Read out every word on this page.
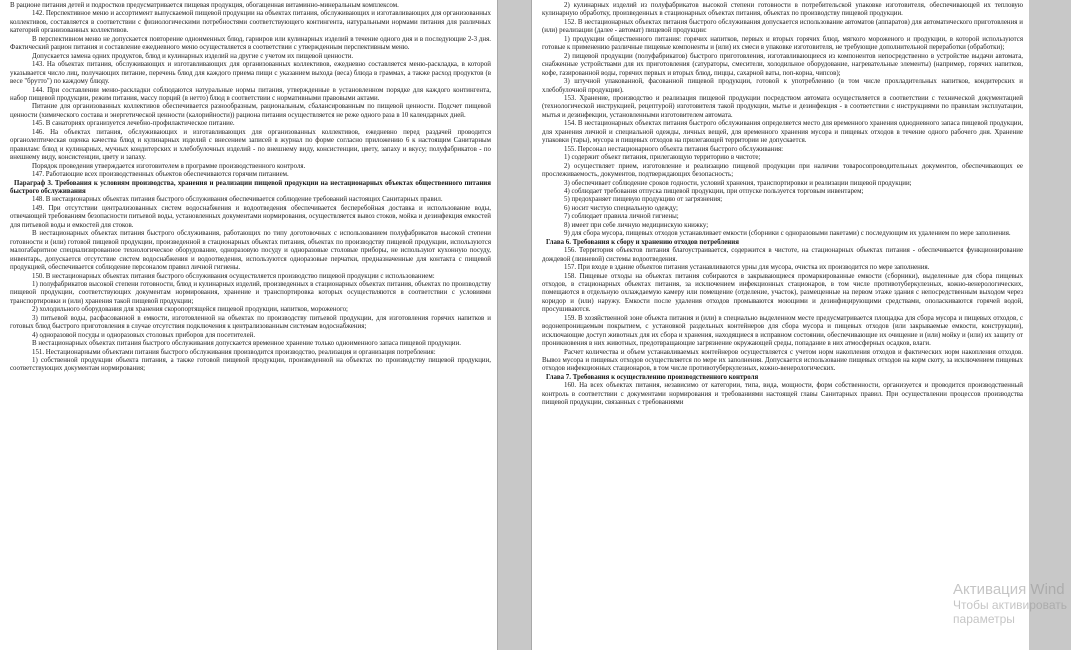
В рационе питания детей и подростков предусматривается пищевая продукция, обогащенная витаминно-минеральным комплексом.

142. Перспективное меню и ассортимент выпускаемой пищевой продукции на объектах питания, обслуживающих и изготавливающих для организованных коллективов, составляется в соответствии с физиологическими потребностями соответствующего контингента, натуральными нормами питания для различных категорий организованных коллективов.

В перспективном меню не допускается повторение одноименных блюд, гарниров или кулинарных изделий в течение одного дня и в последующие 2-3 дня. Фактический рацион питания и составление ежедневного меню осуществляется в соответствии с утвержденным перспективным меню.

Допускается замена одних продуктов, блюд и кулинарных изделий на другие с учетом их пищевой ценности.

143. На объектах питания, обслуживающих и изготавливающих для организованных коллективов, ежедневно составляется меню-раскладка, в которой указывается число лиц, получающих питание, перечень блюд для каждого приема пищи с указанием выхода (веса) блюда в граммах, а также расход продуктов (в весе "брутто") по каждому блюду.

144. При составлении меню-раскладки соблюдаются натуральные нормы питания, утвержденные в установленном порядке для каждого контингента, набор пищевой продукции, режим питания, массу порций (в нетто) блюд в соответствии с нормативными правовыми актами.

Питание для организованных коллективов обеспечивается разнообразным, рациональным, сбалансированным по пищевой ценности. Подсчет пищевой ценности (химического состава и энергетической ценности (калорийности)) рациона питания осуществляется не реже одного раза в 10 календарных дней.

145. В санаториях организуется лечебно-профилактическое питание.

146. На объектах питания, обслуживающих и изготавливающих для организованных коллективов, ежедневно перед раздачей проводится органолептическая оценка качества блюд и кулинарных изделий с внесением записей в журнал по форме согласно приложению 6 к настоящим Санитарным правилам: блюд и кулинарных, мучных кондитерских и хлебобулочных изделий - по внешнему виду, консистенции, цвету, запаху и вкусу; полуфабрикатов - по внешнему виду, консистенции, цвету и запаху.

Порядок проведения утверждается изготовителем в программе производственного контроля.

147. Работающие всех производственных объектов обеспечиваются горячим питанием.

Параграф 3. Требования к условиям производства, хранения и реализации пищевой продукции на нестационарных объектах общественного питания быстрого обслуживания

148. В нестационарных объектах питания быстрого обслуживания обеспечивается соблюдение требований настоящих Санитарных правил.

149. При отсутствии централизованных систем водоснабжения и водоотведения обеспечивается бесперебойная доставка и использование воды, отвечающей требованиям безопасности питьевой воды, установленных документами нормирования, осуществляется вывоз стоков, мойка и дезинфекция емкостей для питьевой воды и емкостей для стоков.

В нестационарных объектах питания быстрого обслуживания, работающих по типу доготовочных с использованием полуфабрикатов высокой степени готовности и (или) готовой пищевой продукции, произведенной в стационарных объектах питания, объектах по производству пищевой продукции, используются малогабаритное специализированное технологическое оборудование, одноразовую посуду и одноразовые столовые приборы, не используют кухонную посуду, инвентарь, допускается отсутствие систем водоснабжения и водоотведения, используются одноразовые перчатки, предназначенные для контакта с пищевой продукцией, обеспечивается соблюдение персоналом правил личной гигиены.

150. В нестационарных объектах питания быстрого обслуживания осуществляется производство пищевой продукции с использованием:

1) полуфабрикатов высокой степени готовности, блюд и кулинарных изделий, произведенных в стационарных объектах питания, объектах по производству пищевой продукции, соответствующих документам нормирования, хранение и транспортировка которых осуществляются в соответствии с условиями транспортировки и (или) хранения такой пищевой продукции;

2) холодильного оборудования для хранения скоропортящейся пищевой продукции, напитков, мороженого;

3) питьевой воды, расфасованной в емкости, изготовленной на объектах по производству питьевой продукции, для изготовления горячих напитков и готовых блюд быстрого приготовления в случае отсутствия подключения к централизованным системам водоснабжения;

4) одноразовой посуды и одноразовых столовых приборов для посетителей.

В нестационарных объектах питания быстрого обслуживания допускается временное хранение только одноименного запаса пищевой продукции.

151. Нестационарными объектами питания быстрого обслуживания производится производство, реализация и организация потребления:

1) собственной продукции объекта питания, а также готовой пищевой продукции, произведенной на объектах по производству пищевой продукции, соответствующих документам нормирования;

2) кулинарных изделий из полуфабрикатов высокой степени готовности в потребительской упаковке изготовителя, обеспечивающей их тепловую кулинарную обработку, произведенных в стационарных объектах питания, объектах по производству пищевой продукции.

152. В нестационарных объектах питания быстрого обслуживания допускается использование автоматов (аппаратов) для автоматического приготовления и (или) реализации (далее - автомат) пищевой продукции:

1) продукции общественного питания: горячих напитков, первых и вторых горячих блюд, мягкого мороженого и продукции, в которой используются готовые к применению различные пищевые компоненты и (или) их смеси в упаковке изготовителя, не требующие дополнительной переработки (обработки);

2) пищевой продукции (полуфабрикатов) быстрого приготовления, изготавливающиеся из компонентов непосредственно в устройстве выдачи автомата, снабженные устройствами для их приготовления (сатураторы, смесители, холодильное оборудование, нагревательные элементы) (например, горячих напитков, кофе, газированной воды, горячих первых и вторых блюд, пиццы, сахарной ваты, поп-корна, чипсов);

3) штучной упакованной, фасованной пищевой продукции, готовой к употреблению (в том числе прохладительных напитков, кондитерских и хлебобулочной продукции).

153. Хранение, производство и реализация пищевой продукции посредством автомата осуществляется в соответствии с технической документацией (технологической инструкцией, рецептурой) изготовителя такой продукции, мытье и дезинфекция - в соответствии с инструкциями по правилам эксплуатации, мытья и дезинфекции, установленными изготовителем автомата.

154. В нестационарных объектах питания быстрого обслуживания определяется место для временного хранения однодневного запаса пищевой продукции, для хранения личной и специальной одежды, личных вещей, для временного хранения мусора и пищевых отходов в течение одного рабочего дня. Хранение упаковки (тары), мусора и пищевых отходов на прилегающей территории не допускается.

155. Персонал нестационарного объекта питания быстрого обслуживания:

1) содержит объект питания, прилегающую территорию в чистоте;

2) осуществляет прием, изготовление и реализацию пищевой продукции при наличии товаросопроводительных документов, обеспечивающих ее прослеживаемость, документов, подтверждающих безопасность;

3) обеспечивает соблюдение сроков годности, условий хранения, транспортировки и реализации пищевой продукции;

4) соблюдает требования отпуска пищевой продукции, при отпуске пользуется торговым инвентарем;

5) предохраняет пищевую продукцию от загрязнения;

6) носит чистую специальную одежду;

7) соблюдает правила личной гигиены;

8) имеет при себе личную медицинскую книжку;

9) для сбора мусора, пищевых отходов устанавливает емкости (сборники с одноразовыми пакетами) с последующим их удалением по мере заполнения.

Глава 6. Требования к сбору и хранению отходов потребления

156. Территория объектов питания благоустраивается, содержится в чистоте, на стационарных объектах питания - обеспечивается функционирование дождевой (ливневой) системы водоотведения.

157. При входе в здание объектов питания устанавливаются урны для мусора, очистка их производится по мере заполнения.

158. Пищевые отходы на объектах питания собираются в закрывающиеся промаркированные емкости (сборники), выделенные для сбора пищевых отходов, в стационарных объектах питания, за исключением инфекционных стационаров, в том числе противотуберкулезных, кожно-венерологических, помещаются в отдельную охлаждаемую камеру или помещение (отделение, участок), размещенные на первом этаже здания с непосредственным выходом через коридор и (или) наружу. Емкости после удаления отходов промываются моющими и дезинфицирующими средствами, ополаскиваются горячей водой, просушиваются.

159. В хозяйственной зоне объекта питания и (или) в специально выделенном месте предусматривается площадка для сбора мусора и пищевых отходов, с водонепроницаемым покрытием, с установкой раздельных контейнеров для сбора мусора и пищевых отходов (или закрываемые емкости, конструкции), исключающие доступ животных для их сбора и хранения, находящиеся в исправном состоянии, обеспечивающие их очищение и (или) мойку и (или) их защиту от проникновения в них животных, предотвращающие загрязнение окружающей среды, попадание в них атмосферных осадков, влаги.

Расчет количества и объем устанавливаемых контейнеров осуществляется с учетом норм накопления отходов и фактических норм накопления отходов. Вывоз мусора и пищевых отходов осуществляется по мере их заполнения. Допускается использование пищевых отходов на корм скоту, за исключением пищевых отходов инфекционных стационаров, в том числе противотуберкулезных, кожно-венерологических.

Глава 7. Требования к осуществлению производственного контроля

160. На всех объектах питания, независимо от категории, типа, вида, мощности, форм собственности, организуется и проводится производственный контроль в соответствии с документами нормирования и требованиями настоящей главы Санитарных правил. При осуществлении процессов производства пищевой продукции, связанных с требованиями

Активация Wind
Чтобы активировать
параметры
